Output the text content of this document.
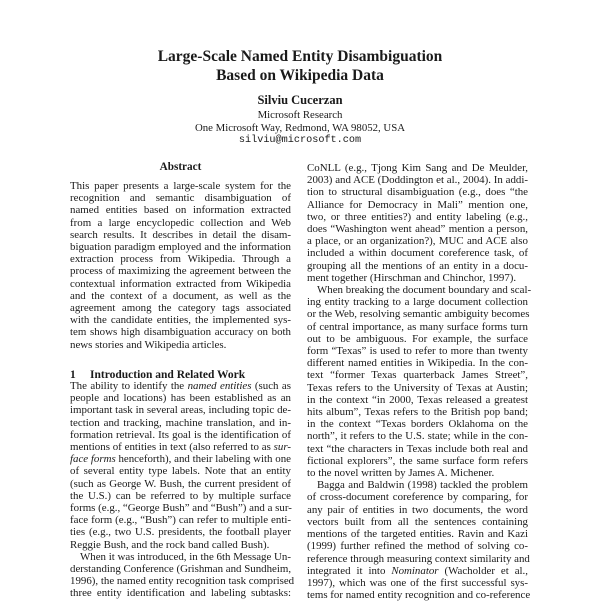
Large-Scale Named Entity Disambiguation
Based on Wikipedia Data
Silviu Cucerzan
Microsoft Research
One Microsoft Way, Redmond, WA 98052, USA
silviu@microsoft.com
Abstract
This paper presents a large-scale system for the
recognition and semantic disambiguation of
named entities based on information extracted
from a large encyclopedic collection and Web
search results. It describes in detail the disam-
biguation paradigm employed and the information
extraction process from Wikipedia. Through a
process of maximizing the agreement between the
contextual information extracted from Wikipedia
and the context of a document, as well as the
agreement among the category tags associated
with the candidate entities, the implemented sys-
tem shows high disambiguation accuracy on both
news stories and Wikipedia articles.
1 Introduction and Related Work
The ability to identify the named entities (such as
people and locations) has been established as an
important task in several areas, including topic de-
tection and tracking, machine translation, and in-
formation retrieval. Its goal is the identification of
mentions of entities in text (also referred to as sur-
face forms henceforth), and their labeling with one
of several entity type labels. Note that an entity
(such as George W. Bush, the current president of
the U.S.) can be referred to by multiple surface
forms (e.g., “George Bush” and “Bush”) and a sur-
face form (e.g., “Bush”) can refer to multiple enti-
ties (e.g., two U.S. presidents, the football player
Reggie Bush, and the rock band called Bush).
When it was introduced, in the 6th Message Un-
derstanding Conference (Grishman and Sundheim,
1996), the named entity recognition task comprised
three entity identification and labeling subtasks:
CoNLL (e.g., Tjong Kim Sang and De Meulder,
2003) and ACE (Doddington et al., 2004). In addi-
tion to structural disambiguation (e.g., does “the
Alliance for Democracy in Mali” mention one,
two, or three entities?) and entity labeling (e.g.,
does “Washington went ahead” mention a person,
a place, or an organization?), MUC and ACE also
included a within document coreference task, of
grouping all the mentions of an entity in a docu-
ment together (Hirschman and Chinchor, 1997).
When breaking the document boundary and scal-
ing entity tracking to a large document collection
or the Web, resolving semantic ambiguity becomes
of central importance, as many surface forms turn
out to be ambiguous. For example, the surface
form “Texas” is used to refer to more than twenty
different named entities in Wikipedia. In the con-
text “former Texas quarterback James Street”,
Texas refers to the University of Texas at Austin;
in the context “in 2000, Texas released a greatest
hits album”, Texas refers to the British pop band;
in the context “Texas borders Oklahoma on the
north”, it refers to the U.S. state; while in the con-
text “the characters in Texas include both real and
fictional explorers”, the same surface form refers
to the novel written by James A. Michener.
Bagga and Baldwin (1998) tackled the problem
of cross-document coreference by comparing, for
any pair of entities in two documents, the word
vectors built from all the sentences containing
mentions of the targeted entities. Ravin and Kazi
(1999) further refined the method of solving co-
reference through measuring context similarity and
integrated it into Nominator (Wacholder et al.,
1997), which was one of the first successful sys-
tems for named entity recognition and co-reference
